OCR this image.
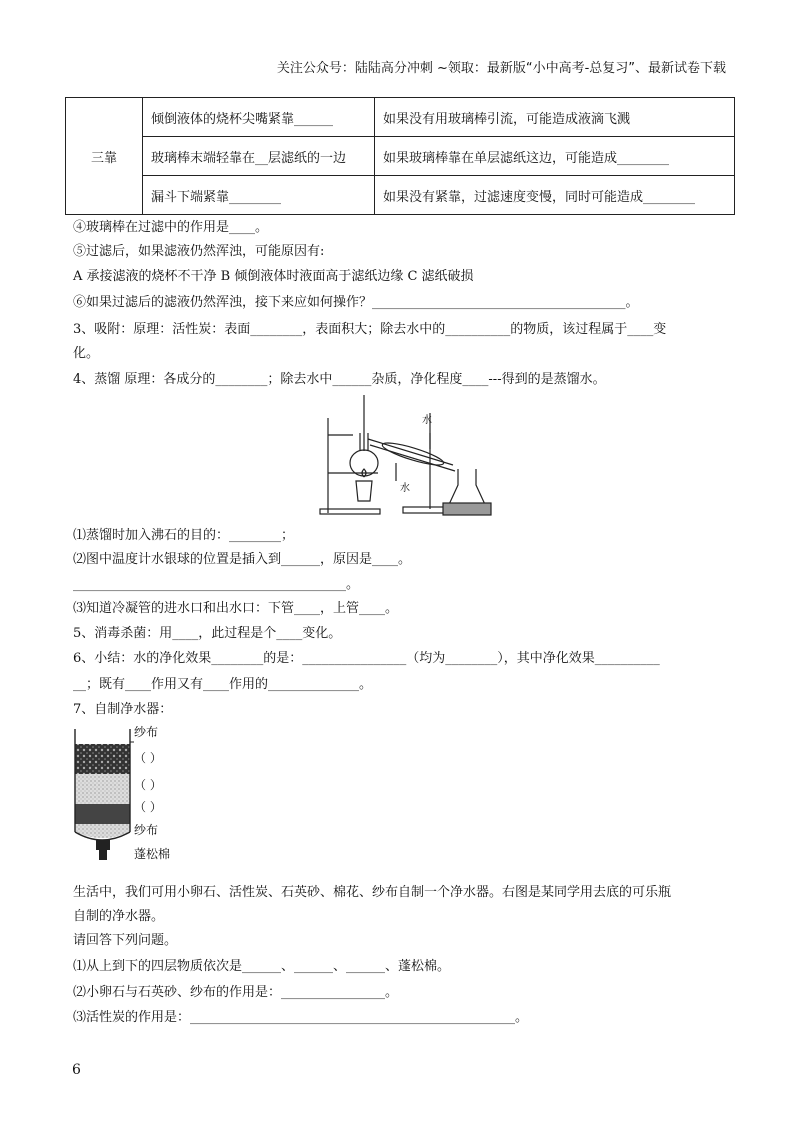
关注公众号：陆陆高分冲刺 ~领取：最新版“小中高考-总复习”、最新试卷下载
三靠	倾倒液体的烧杯尖嘴紧靠______	如果没有用玻璃棒引流，可能造成液滴飞溅
	玻璃棒末端轻靠在__层滤纸的一边	如果玻璃棒靠在单层滤纸这边，可能造成________
	漏斗下端紧靠________	如果没有紧靠，过滤速度变慢，同时可能造成________
④玻璃棒在过滤中的作用是____。
⑤过滤后，如果滤液仍然浑浊，可能原因有:
A 承接滤液的烧杯不干净 B 倾倒液体时液面高于滤纸边缘 C 滤纸破损
⑥如果过滤后的滤液仍然浑浊，接下来应如何操作？_______________________________________。
3、吸附：原理：活性炭：表面________，表面积大；除去水中的__________的物质，该过程属于____变
化。
4、蒸馏 原理：各成分的________；除去水中______杂质，净化程度____---得到的是蒸馏水。
水
水
⑴蒸馏时加入沸石的目的：________；
⑵图中温度计水银球的位置是插入到______，原因是____。
__________________________________________。
⑶知道冷凝管的进水口和出水口：下管____，上管____。
5、消毒杀菌：用____，此过程是个____变化。
6、小结：水的净化效果________的是：________________（均为________），其中净化效果__________
__；既有____作用又有____作用的______________。
7、自制净水器：
纱布
（ ）
（ ）
（ ）
纱布
蓬松棉
生活中，我们可用小卵石、活性炭、石英砂、棉花、纱布自制一个净水器。右图是某同学用去底的可乐瓶
自制的净水器。
请回答下列问题。
⑴从上到下的四层物质依次是______、______、______、蓬松棉。
⑵小卵石与石英砂、纱布的作用是：________________。
⑶活性炭的作用是：__________________________________________________。
6
